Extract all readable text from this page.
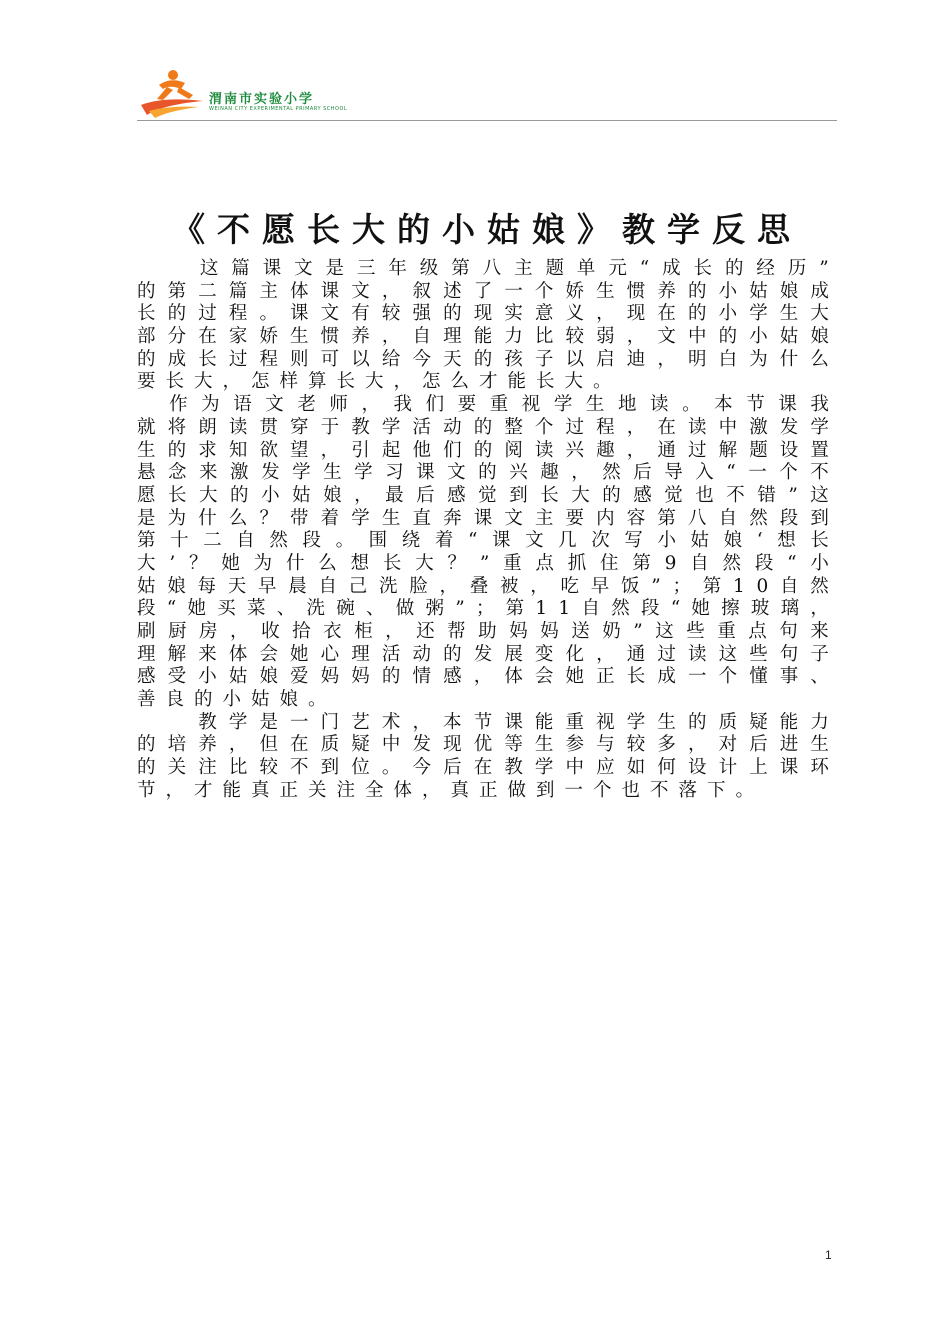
渭南市实验小学
WEINAN CITY EXPERIMENTAL PRIMARY SCHOOL
《不愿长大的小姑娘》教学反思

这 篇 课 文 是 三 年 级 第 八 主 题 单 元 “ 成 长 的 经 历 ”
的 第 二 篇 主 体 课 文 ， 叙 述 了 一 个 娇 生 惯 养 的 小 姑 娘 成
长 的 过 程 。 课 文 有 较 强 的 现 实 意 义 ， 现 在 的 小 学 生 大
部 分 在 家 娇 生 惯 养 ， 自 理 能 力 比 较 弱 ， 文 中 的 小 姑 娘
的 成 长 过 程 则 可 以 给 今 天 的 孩 子 以 启 迪 ， 明 白 为 什 么
要长大，怎样算长大，怎么才能长大。

作 为 语 文 老 师 ， 我 们 要 重 视 学 生 地 读 。 本 节 课 我
就 将 朗 读 贯 穿 于 教 学 活 动 的 整 个 过 程 ， 在 读 中 激 发 学
生 的 求 知 欲 望 ， 引 起 他 们 的 阅 读 兴 趣 ， 通 过 解 题 设 置
悬 念 来 激 发 学 生 学 习 课 文 的 兴 趣 ， 然 后 导 入 “ 一 个 不
愿 长 大 的 小 姑 娘 ， 最 后 感 觉 到 长 大 的 感 觉 也 不 错 ” 这
是 为 什 么 ？ 带 着 学 生 直 奔 课 文 主 要 内 容 第 八 自 然 段 到
第 十 二 自 然 段 。 围 绕 着 “ 课 文 几 次 写 小 姑 娘 ‘ 想 长
大 ’ ？ 她 为 什 么 想 长 大 ？ ” 重 点 抓 住 第 9 自 然 段 “ 小
姑 娘 每 天 早 晨 自 己 洗 脸 ， 叠 被 ， 吃 早 饭 ” ； 第 1 0 自 然
段 “ 她 买 菜 、 洗 碗 、 做 粥 ” ； 第 1 1 自 然 段 “ 她 擦 玻 璃 ，
刷 厨 房 ， 收 拾 衣 柜 ， 还 帮 助 妈 妈 送 奶 ” 这 些 重 点 句 来
理 解 来 体 会 她 心 理 活 动 的 发 展 变 化 ， 通 过 读 这 些 句 子
感 受 小 姑 娘 爱 妈 妈 的 情 感 ， 体 会 她 正 长 成 一 个 懂 事 、
善良的小姑娘。

教 学 是 一 门 艺 术 ， 本 节 课 能 重 视 学 生 的 质 疑 能 力
的 培 养 ， 但 在 质 疑 中 发 现 优 等 生 参 与 较 多 ， 对 后 进 生
的 关 注 比 较 不 到 位 。 今 后 在 教 学 中 应 如 何 设 计 上 课 环
节，才能真正关注全体，真正做到一个也不落下。
1
